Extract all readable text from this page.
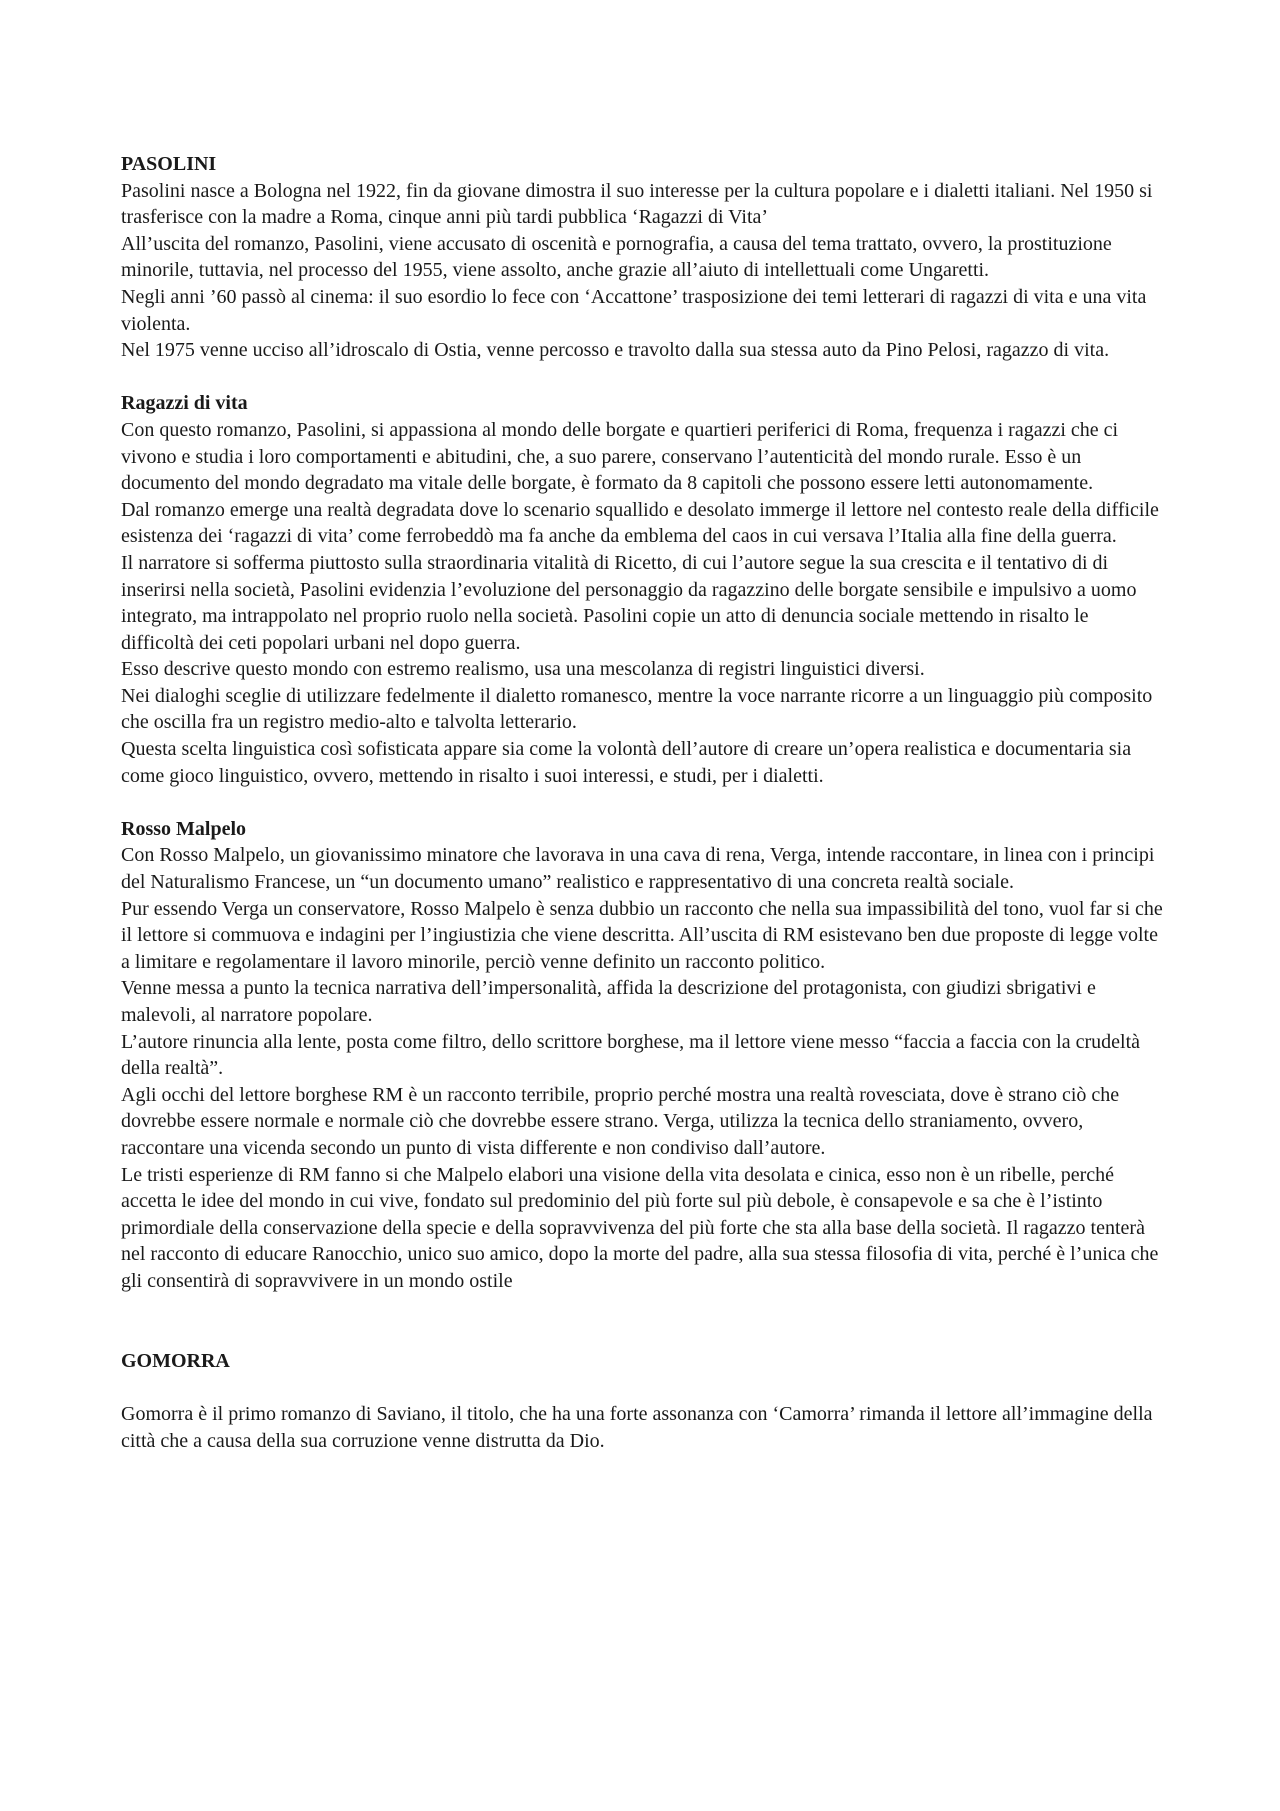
PASOLINI

Pasolini nasce a Bologna nel 1922, fin da giovane dimostra il suo interesse per la cultura popolare e i dialetti italiani. Nel 1950 si trasferisce con la madre a Roma, cinque anni più tardi pubblica ‘Ragazzi di Vita’

All’uscita del romanzo, Pasolini, viene accusato di oscenità e pornografia, a causa del tema trattato, ovvero, la prostituzione minorile, tuttavia, nel processo del 1955, viene assolto, anche grazie all’aiuto di intellettuali come Ungaretti.

Negli anni ’60 passò al cinema: il suo esordio lo fece con ‘Accattone’ trasposizione dei temi letterari di ragazzi di vita e una vita violenta.

Nel 1975 venne ucciso all’idroscalo di Ostia, venne percosso e travolto dalla sua stessa auto da Pino Pelosi, ragazzo di vita.

Ragazzi di vita

Con questo romanzo, Pasolini, si appassiona al mondo delle borgate e quartieri periferici di Roma, frequenza i ragazzi che ci vivono e studia i loro comportamenti e abitudini, che, a suo parere, conservano l’autenticità del mondo rurale. Esso è un documento del mondo degradato ma vitale delle borgate, è formato da 8 capitoli che possono essere letti autonomamente.

Dal romanzo emerge una realtà degradata dove lo scenario squallido e desolato immerge il lettore nel contesto reale della difficile esistenza dei ‘ragazzi di vita’ come ferrobeddò ma fa anche da emblema del caos in cui versava l’Italia alla fine della guerra.

Il narratore si sofferma piuttosto sulla straordinaria vitalità di Ricetto, di cui l’autore segue la sua crescita e il tentativo di di inserirsi nella società, Pasolini evidenzia l’evoluzione del personaggio da ragazzino delle borgate sensibile e impulsivo a uomo integrato, ma intrappolato nel proprio ruolo nella società. Pasolini copie un atto di denuncia sociale mettendo in risalto le difficoltà dei ceti popolari urbani nel dopo guerra.

Esso descrive questo mondo con estremo realismo, usa una mescolanza di registri linguistici diversi.

Nei dialoghi sceglie di utilizzare fedelmente il dialetto romanesco, mentre la voce narrante ricorre a un linguaggio più composito che oscilla fra un registro medio-alto e talvolta letterario.

Questa scelta linguistica così sofisticata appare sia come la volontà dell’autore di creare un’opera realistica e documentaria sia come gioco linguistico, ovvero, mettendo in risalto i suoi interessi, e studi, per i dialetti.

Rosso Malpelo

Con Rosso Malpelo, un giovanissimo minatore che lavorava in una cava di rena, Verga, intende raccontare, in linea con i principi del Naturalismo Francese, un “un documento umano” realistico e rappresentativo di una concreta realtà sociale.

Pur essendo Verga un conservatore, Rosso Malpelo è senza dubbio un racconto che nella sua impassibilità del tono, vuol far si che il lettore si commuova e indagini per l’ingiustizia che viene descritta. All’uscita di RM esistevano ben due proposte di legge volte a limitare e regolamentare il lavoro minorile, perciò venne definito un racconto politico.

Venne messa a punto la tecnica narrativa dell’impersonalità, affida la descrizione del protagonista, con giudizi sbrigativi e malevoli, al narratore popolare.

L’autore rinuncia alla lente, posta come filtro, dello scrittore borghese, ma il lettore viene messo “faccia a faccia con la crudeltà della realtà”.

Agli occhi del lettore borghese RM è un racconto terribile, proprio perché mostra una realtà rovesciata, dove è strano ciò che dovrebbe essere normale e normale ciò che dovrebbe essere strano. Verga, utilizza la tecnica dello straniamento, ovvero, raccontare una vicenda secondo un punto di vista differente e non condiviso dall’autore.

Le tristi esperienze di RM fanno si che Malpelo elabori una visione della vita desolata e cinica, esso non è un ribelle, perché accetta le idee del mondo in cui vive, fondato sul predominio del più forte sul più debole, è consapevole e sa che è l’istinto primordiale della conservazione della specie e della sopravvivenza del più forte che sta alla base della società. Il ragazzo tenterà nel racconto di educare Ranocchio, unico suo amico, dopo la morte del padre, alla sua stessa filosofia di vita, perché è l’unica che gli consentirà di sopravvivere in un mondo ostile

GOMORRA

Gomorra è il primo romanzo di Saviano, il titolo, che ha una forte assonanza con ‘Camorra’ rimanda il lettore all’immagine della città che a causa della sua corruzione venne distrutta da Dio.
